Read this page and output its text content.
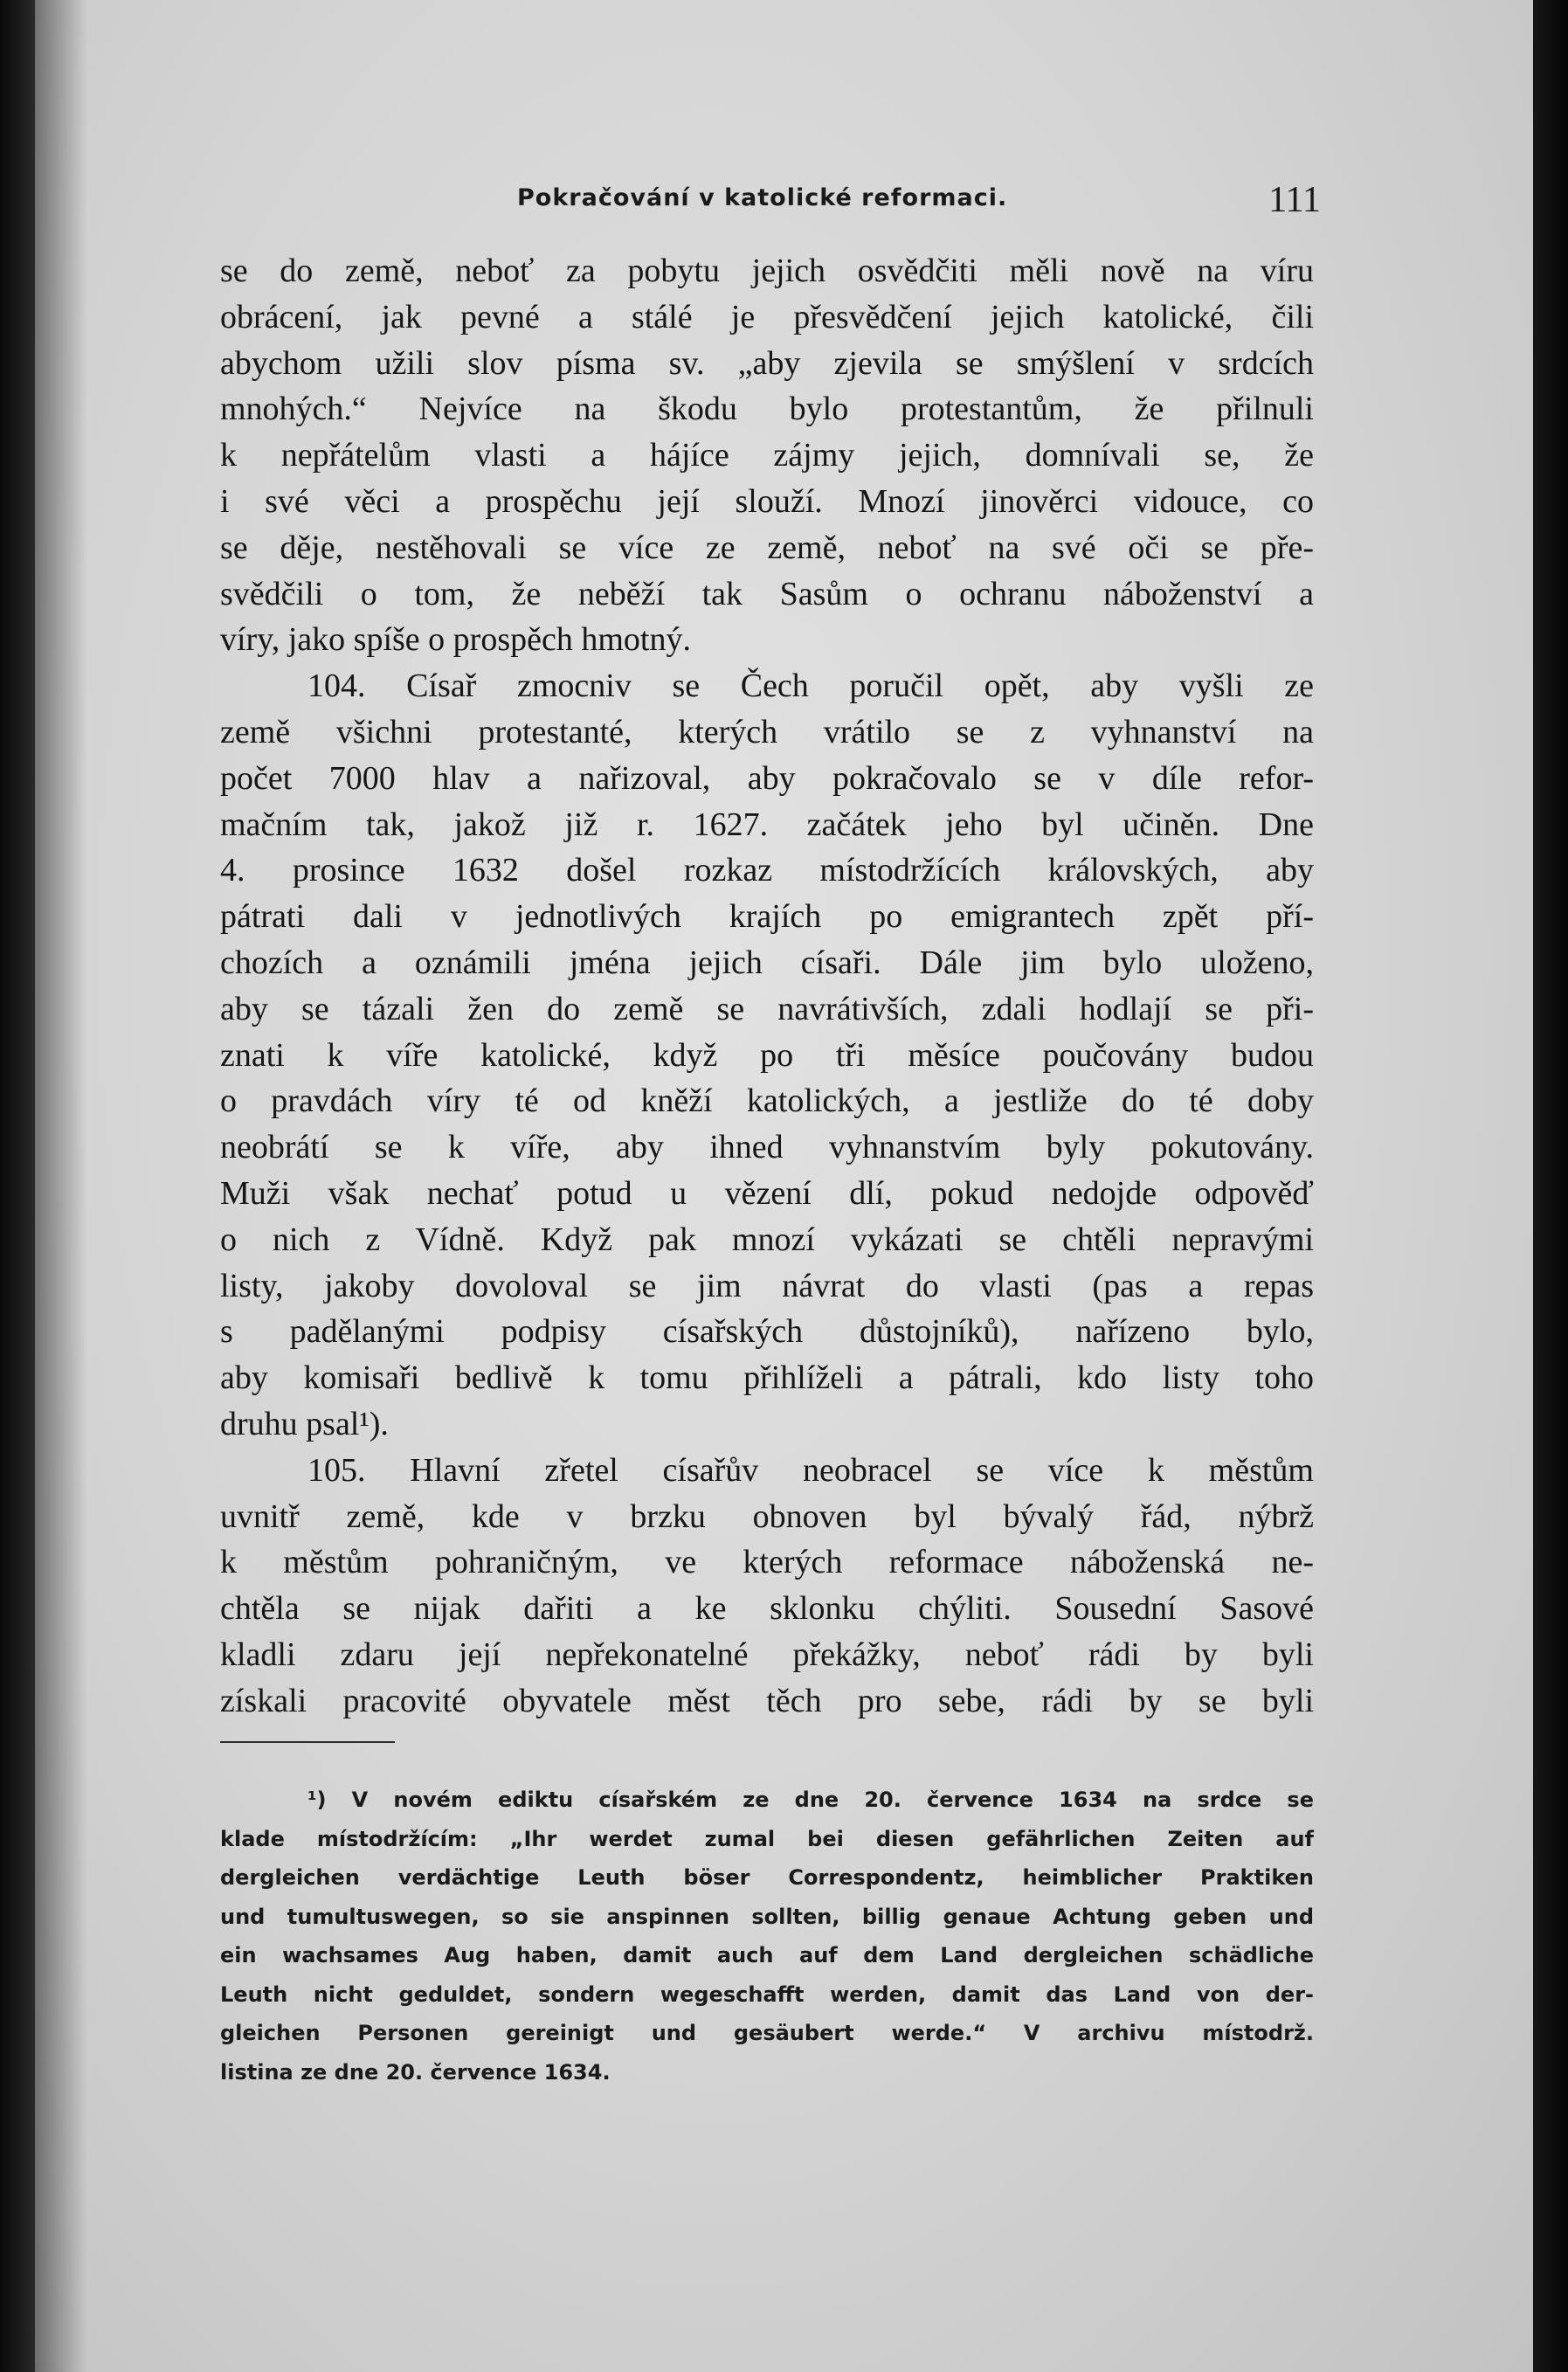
Pokračování v katolické reformaci.	111
se do země, neboť za pobytu jejich osvědčiti měli nově na víru
obrácení, jak pevné a stálé je přesvědčení jejich katolické, čili
abychom užili slov písma sv. „aby zjevila se smýšlení v srdcích
mnohých.“ Nejvíce na škodu bylo protestantům, že přilnuli
k nepřátelům vlasti a hájíce zájmy jejich, domnívali se, že
i své věci a prospěchu její slouží. Mnozí jinověrci vidouce, co
se děje, nestěhovali se více ze země, neboť na své oči se pře-
svědčili o tom, že neběží tak Sasům o ochranu náboženství a
víry, jako spíše o prospěch hmotný.
104. Císař zmocniv se Čech poručil opět, aby vyšli ze
země všichni protestanté, kterých vrátilo se z vyhnanství na
počet 7000 hlav a nařizoval, aby pokračovalo se v díle refor-
mačním tak, jakož již r. 1627. začátek jeho byl učiněn. Dne
4. prosince 1632 došel rozkaz místodržících královských, aby
pátrati dali v jednotlivých krajích po emigrantech zpět pří-
chozích a oznámili jména jejich císaři. Dále jim bylo uloženo,
aby se tázali žen do země se navrátivších, zdali hodlají se při-
znati k víře katolické, když po tři měsíce poučovány budou
o pravdách víry té od kněží katolických, a jestliže do té doby
neobrátí se k víře, aby ihned vyhnanstvím byly pokutovány.
Muži však nechať potud u vězení dlí, pokud nedojde odpověď
o nich z Vídně. Když pak mnozí vykázati se chtěli nepravými
listy, jakoby dovoloval se jim návrat do vlasti (pas a repas
s padělanými podpisy císařských důstojníků), nařízeno bylo,
aby komisaři bedlivě k tomu přihlíželi a pátrali, kdo listy toho
druhu psal¹).
105. Hlavní zřetel císařův neobracel se více k městům
uvnitř země, kde v brzku obnoven byl bývalý řád, nýbrž
k městům pohraničným, ve kterých reformace náboženská ne-
chtěla se nijak dařiti a ke sklonku chýliti. Sousední Sasové
kladli zdaru její nepřekonatelné překážky, neboť rádi by byli
získali pracovité obyvatele měst těch pro sebe, rádi by se byli
¹) V novém ediktu císařském ze dne 20. července 1634 na srdce se
klade místodržícím: „Ihr werdet zumal bei diesen gefährlichen Zeiten auf
dergleichen verdächtige Leuth böser Correspondentz, heimblicher Praktiken
und tumultuswegen, so sie anspinnen sollten, billig genaue Achtung geben und
ein wachsames Aug haben, damit auch auf dem Land dergleichen schädliche
Leuth nicht geduldet, sondern wegeschafft werden, damit das Land von der-
gleichen Personen gereinigt und gesäubert werde.“ V archivu místodrž.
listina ze dne 20. července 1634.
